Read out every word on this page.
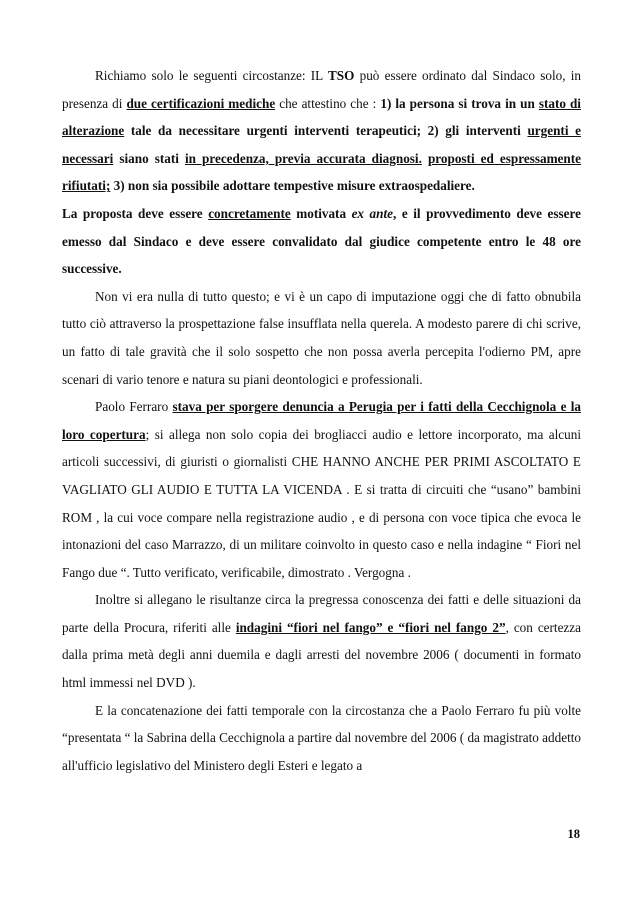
Richiamo solo le seguenti circostanze: IL TSO può essere ordinato dal Sindaco solo, in presenza di due certificazioni mediche che attestino che : 1) la persona si trova in un stato di alterazione tale da necessitare urgenti interventi terapeutici; 2) gli interventi urgenti e necessari siano stati in precedenza, previa accurata diagnosi. proposti ed espressamente rifiutati; 3) non sia possibile adottare tempestive misure extraospedaliere.

La proposta deve essere concretamente motivata ex ante, e il provvedimento deve essere emesso dal Sindaco e deve essere convalidato dal giudice competente entro le 48 ore successive.

Non vi era nulla di tutto questo; e vi è un capo di imputazione oggi che di fatto obnubila tutto ciò attraverso la prospettazione false insufflata nella querela. A modesto parere di chi scrive, un fatto di tale gravità che il solo sospetto che non possa averla percepita l'odierno PM, apre scenari di vario tenore e natura su piani deontologici e professionali.

Paolo Ferraro stava per sporgere denuncia a Perugia per i fatti della Cecchignola e la loro copertura; si allega non solo copia dei brogliacci audio e lettore incorporato, ma alcuni articoli successivi, di giuristi o giornalisti CHE HANNO ANCHE PER PRIMI ASCOLTATO E VAGLIATO GLI AUDIO E TUTTA LA VICENDA . E si tratta di circuiti che “usano” bambini ROM , la cui voce compare nella registrazione audio , e di persona con voce tipica che evoca le intonazioni del caso Marrazzo, di un militare coinvolto in questo caso e nella indagine “ Fiori nel Fango due “. Tutto verificato, verificabile, dimostrato . Vergogna .

Inoltre si allegano le risultanze circa la pregressa conoscenza dei fatti e delle situazioni da parte della Procura, riferiti alle indagini “fiori nel fango” e “fiori nel fango 2”, con certezza dalla prima metà degli anni duemila e dagli arresti del novembre 2006 ( documenti in formato html immessi nel DVD ).

E la concatenazione dei fatti temporale con la circostanza che a Paolo Ferraro fu più volte “presentata “ la Sabrina della Cecchignola a partire dal novembre del 2006 ( da magistrato addetto all'ufficio legislativo del Ministero degli Esteri e legato a

18
